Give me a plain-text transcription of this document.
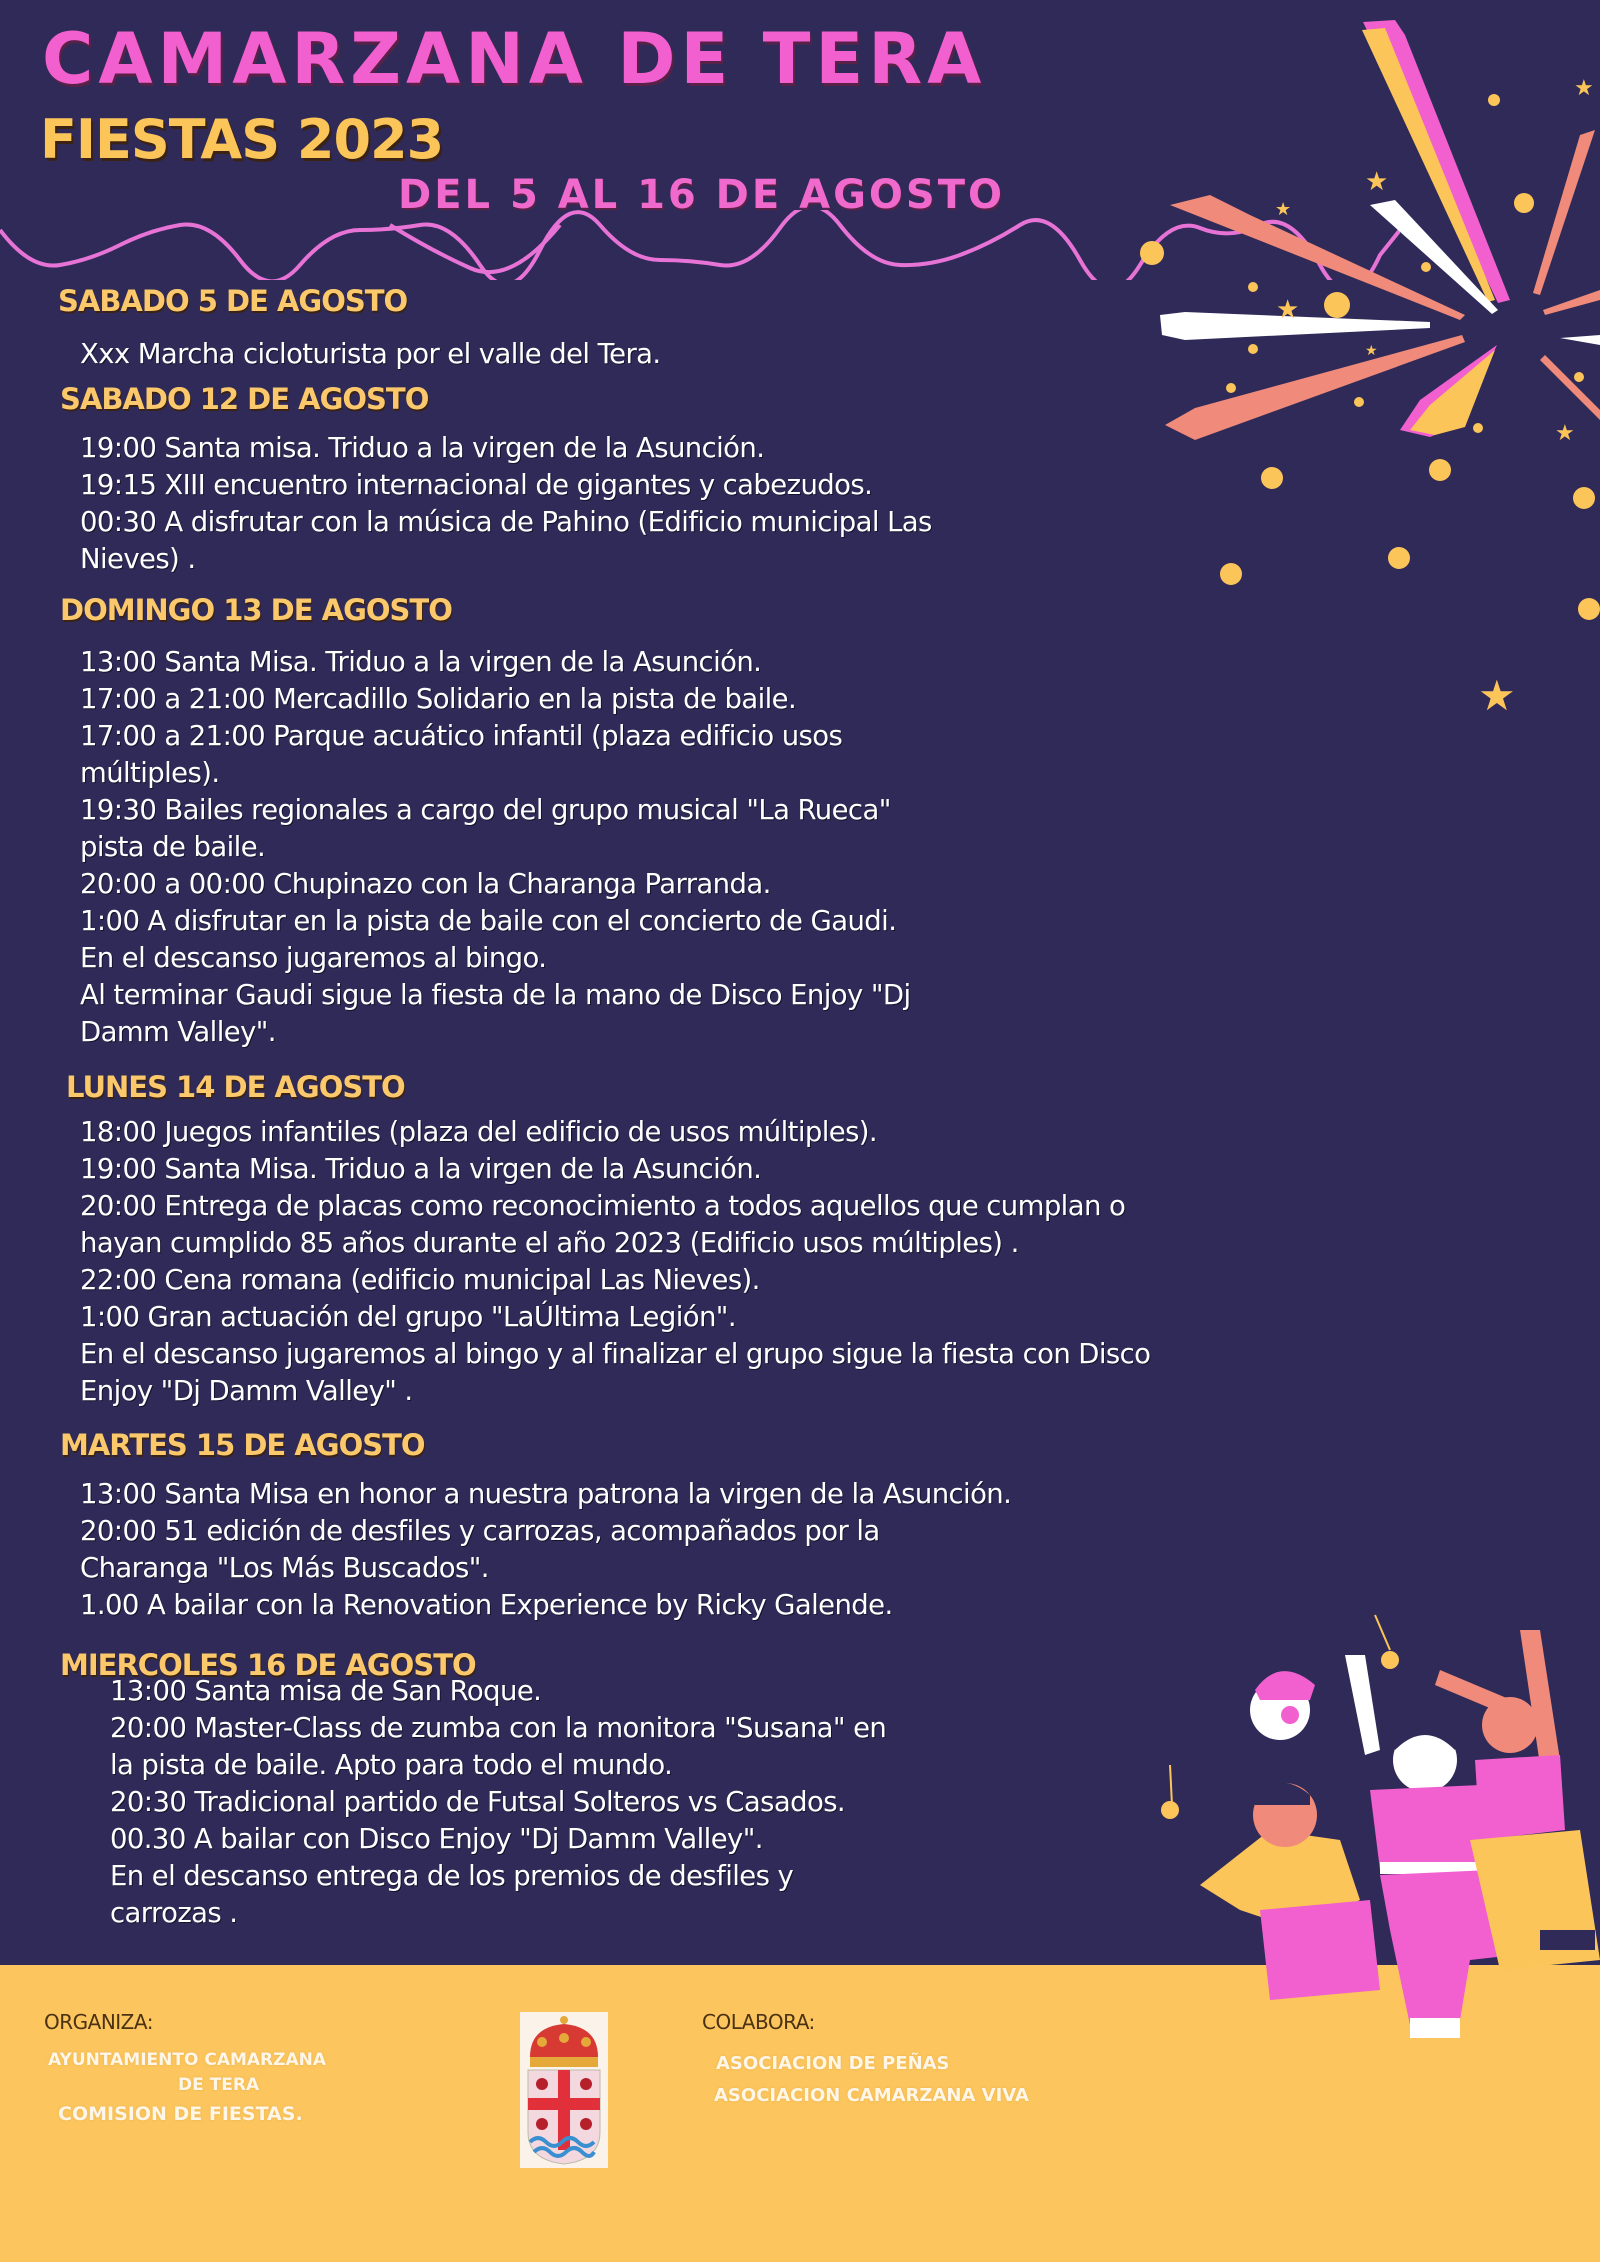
CAMARZANA DE TERA
FIESTAS 2023
DEL 5 AL 16 DE AGOSTO	★
★
★
★
★
★
★
SABADO 5 DE AGOSTO
Xxx Marcha cicloturista por el valle del Tera.
SABADO 12 DE AGOSTO
19:00 Santa misa. Triduo a la virgen de la Asunción.
19:15 XIII encuentro internacional de gigantes y cabezudos.
00:30 A disfrutar con la música de Pahino (Edificio municipal Las
Nieves) .
DOMINGO 13 DE AGOSTO
13:00 Santa Misa. Triduo a la virgen de la Asunción.
17:00 a 21:00 Mercadillo Solidario en la pista de baile.
17:00 a 21:00 Parque acuático infantil (plaza edificio usos
múltiples).
19:30 Bailes regionales a cargo del grupo musical "La Rueca"
pista de baile.
20:00 a 00:00 Chupinazo con la Charanga Parranda.
1:00 A disfrutar en la pista de baile con el concierto de Gaudi.
En el descanso jugaremos al bingo.
Al terminar Gaudi sigue la fiesta de la mano de Disco Enjoy "Dj
Damm Valley".
LUNES 14 DE AGOSTO
18:00 Juegos infantiles (plaza del edificio de usos múltiples).
19:00 Santa Misa. Triduo a la virgen de la Asunción.
20:00 Entrega de placas como reconocimiento a todos aquellos que cumplan o
hayan cumplido 85 años durante el año 2023 (Edificio usos múltiples) .
22:00 Cena romana (edificio municipal Las Nieves).
1:00 Gran actuación del grupo "LaÚltima Legión".
En el descanso jugaremos al bingo y al finalizar el grupo sigue la fiesta con Disco
Enjoy "Dj Damm Valley" .
MARTES 15 DE AGOSTO
13:00 Santa Misa en honor a nuestra patrona la virgen de la Asunción.
20:00 51 edición de desfiles y carrozas, acompañados por la
Charanga "Los Más Buscados".
1.00 A bailar con la Renovation Experience by Ricky Galende.
MIERCOLES 16 DE AGOSTO
13:00 Santa misa de San Roque.
20:00 Master-Class de zumba con la monitora "Susana" en
la pista de baile. Apto para todo el mundo.
20:30 Tradicional partido de Futsal Solteros vs Casados.
00.30 A bailar con Disco Enjoy "Dj Damm Valley".
En el descanso entrega de los premios de desfiles y
carrozas .
ORGANIZA:
AYUNTAMIENTO CAMARZANA
DE TERA
COMISION DE FIESTAS.
COLABORA:
ASOCIACION DE PEÑAS
ASOCIACION CAMARZANA VIVA
